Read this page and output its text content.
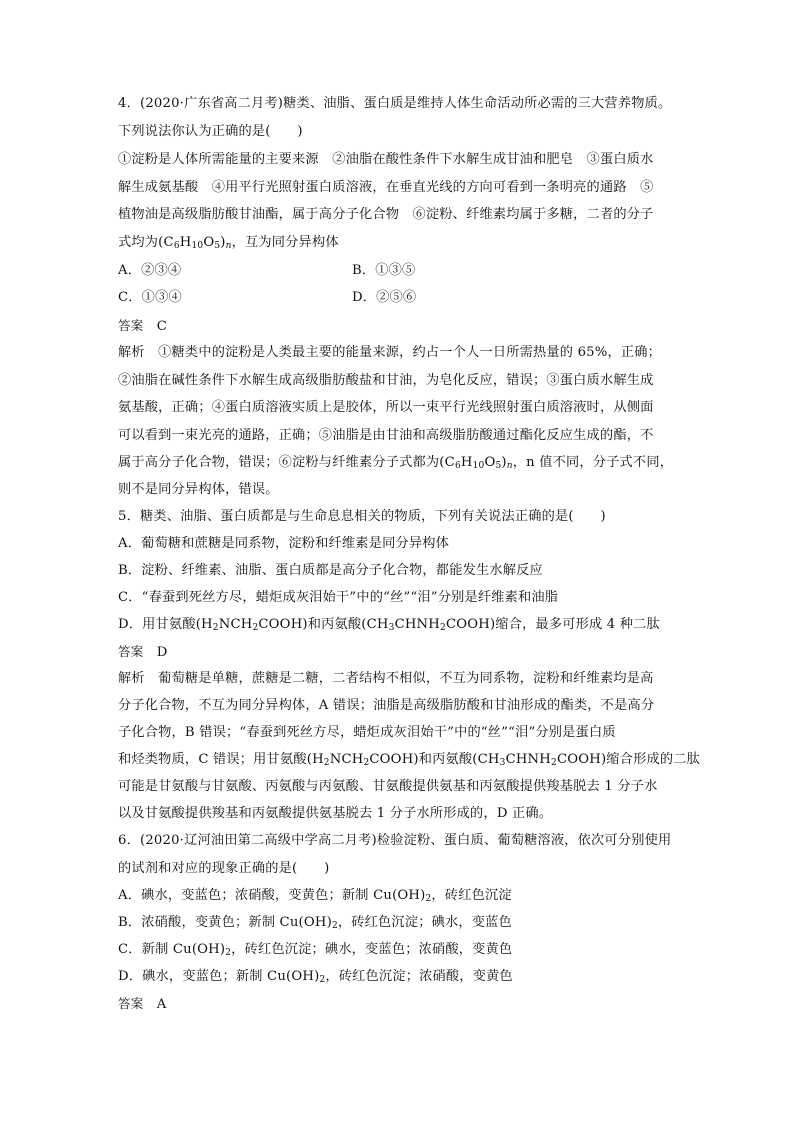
4．(2020·广东省高二月考)糖类、油脂、蛋白质是维持人体生命活动所必需的三大营养物质。
下列说法你认为正确的是(　　)
①淀粉是人体所需能量的主要来源　②油脂在酸性条件下水解生成甘油和肥皂　③蛋白质水
解生成氨基酸　④用平行光照射蛋白质溶液，在垂直光线的方向可看到一条明亮的通路　⑤
植物油是高级脂肪酸甘油酯，属于高分子化合物　⑥淀粉、纤维素均属于多糖，二者的分子
式均为$(C_6H_{10}O_5)_n$，互为同分异构体
A．②③④	B．①③⑤
C．①③④	D．②⑤⑥
答案　 C
解析　①糖类中的淀粉是人类最主要的能量来源，约占一个人一日所需热量的 65%，正确；
②油脂在碱性条件下水解生成高级脂肪酸盐和甘油，为皂化反应，错误；③蛋白质水解生成
氨基酸，正确；④蛋白质溶液实质上是胶体，所以一束平行光线照射蛋白质溶液时，从侧面
可以看到一束光亮的通路，正确；⑤油脂是由甘油和高级脂肪酸通过酯化反应生成的酯，不
属于高分子化合物，错误；⑥淀粉与纤维素分子式都为$(C_6H_{10}O_5)_n$，n 值不同，分子式不同，
则不是同分异构体，错误。
5．糖类、油脂、蛋白质都是与生命息息相关的物质，下列有关说法正确的是(　　)
A．葡萄糖和蔗糖是同系物，淀粉和纤维素是同分异构体
B．淀粉、纤维素、油脂、蛋白质都是高分子化合物，都能发生水解反应
C．“春蚕到死丝方尽，蜡炬成灰泪始干”中的“丝”“泪”分别是纤维素和油脂
D．用甘氨酸$(H_2NCH_2COOH)$和丙氨酸$(CH_3CHNH_2COOH)$缩合，最多可形成 4 种二肽
答案　 D
解析　葡萄糖是单糖，蔗糖是二糖，二者结构不相似，不互为同系物，淀粉和纤维素均是高
分子化合物，不互为同分异构体，A 错误；油脂是高级脂肪酸和甘油形成的酯类，不是高分
子化合物，B 错误；“春蚕到死丝方尽，蜡炬成灰泪始干”中的“丝”“泪”分别是蛋白质
和烃类物质，C 错误；用甘氨酸$(H_2NCH_2COOH)$和丙氨酸$(CH_3CHNH_2COOH)$缩合形成的二肽
可能是甘氨酸与甘氨酸、丙氨酸与丙氨酸、甘氨酸提供氨基和丙氨酸提供羧基脱去 1 分子水
以及甘氨酸提供羧基和丙氨酸提供氨基脱去 1 分子水所形成的，D 正确。
6．(2020·辽河油田第二高级中学高二月考)检验淀粉、蛋白质、葡萄糖溶液，依次可分别使用
的试剂和对应的现象正确的是(　　)
A．碘水，变蓝色；浓硝酸，变黄色；新制 $Cu(OH)_2$，砖红色沉淀
B．浓硝酸，变黄色；新制 $Cu(OH)_2$，砖红色沉淀；碘水，变蓝色
C．新制 $Cu(OH)_2$，砖红色沉淀；碘水，变蓝色；浓硝酸，变黄色
D．碘水，变蓝色；新制 $Cu(OH)_2$，砖红色沉淀；浓硝酸，变黄色
答案　 A
